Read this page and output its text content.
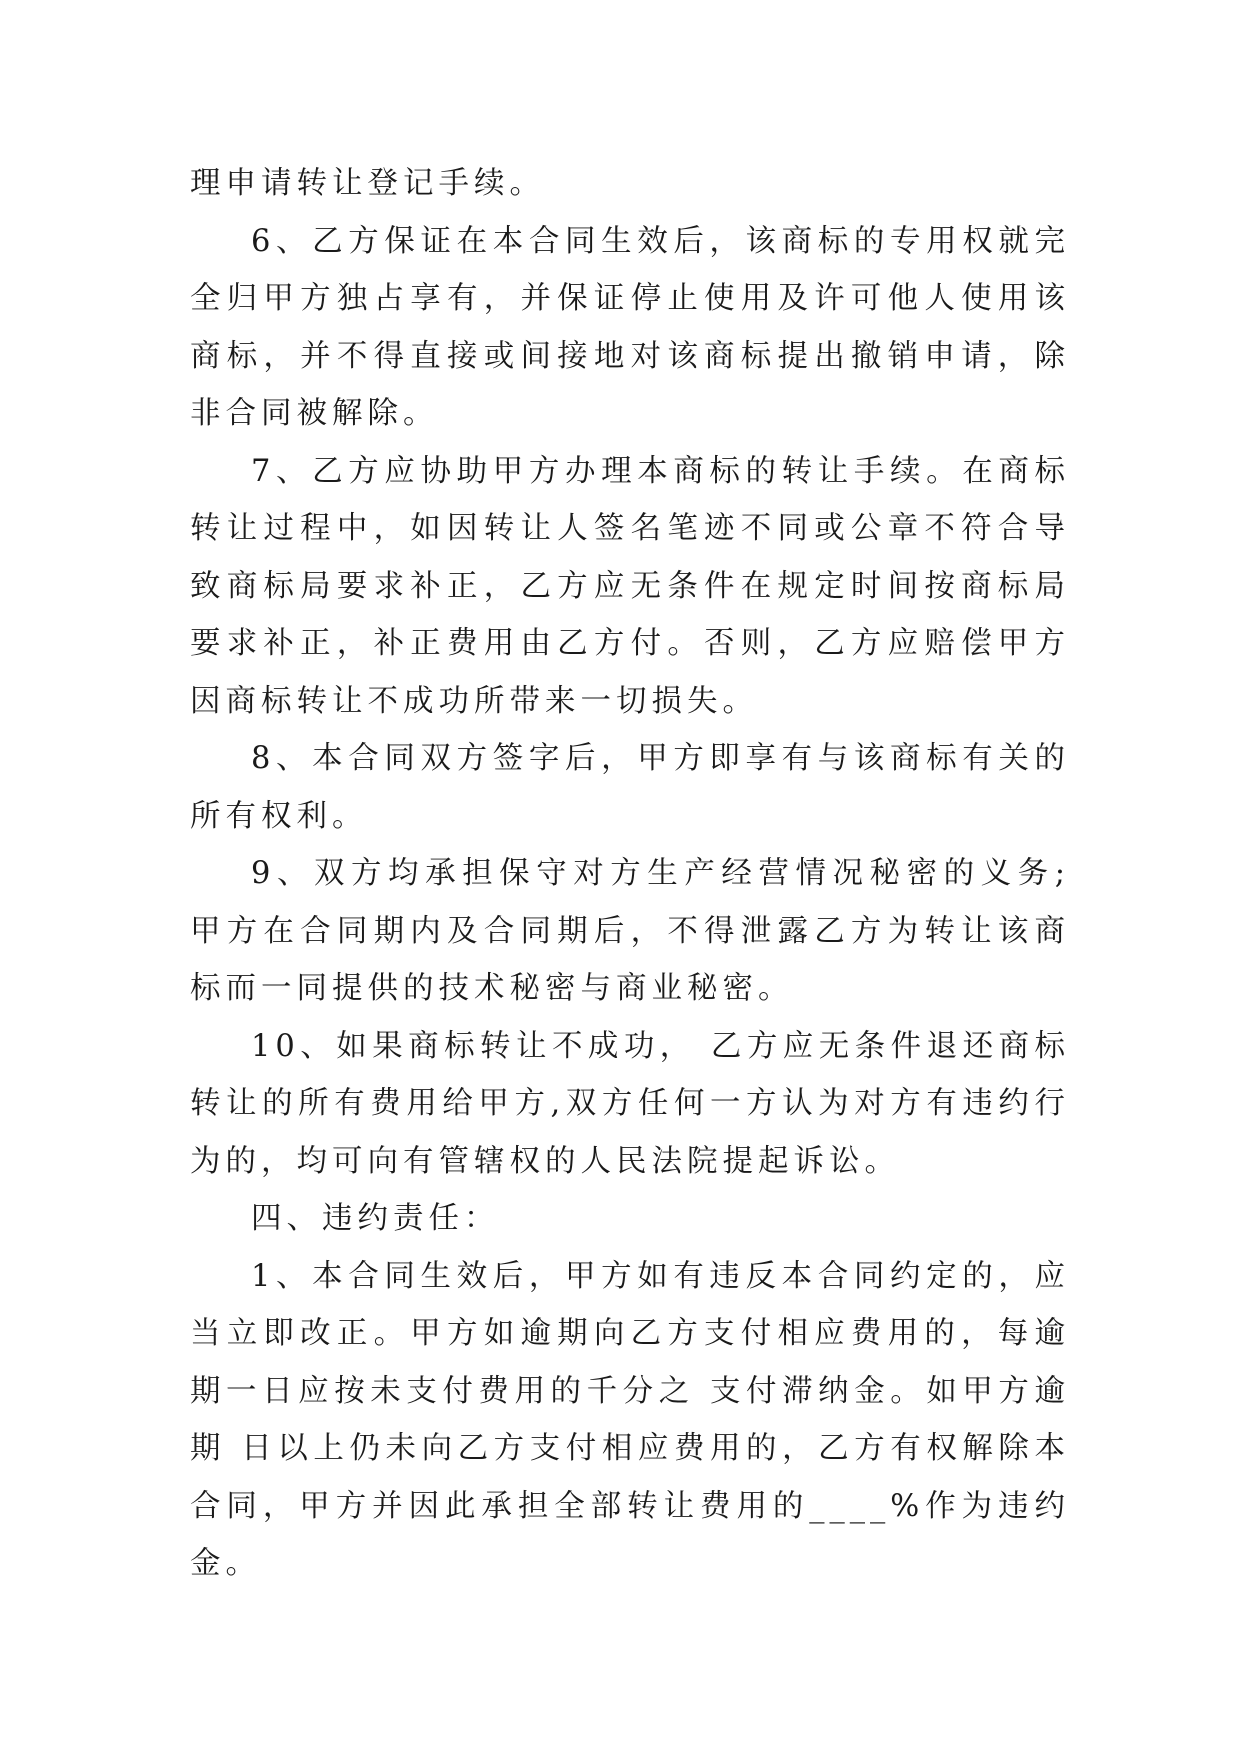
理申请转让登记手续。

6、乙方保证在本合同生效后，该商标的专用权就完全归甲方独占享有，并保证停止使用及许可他人使用该商标，并不得直接或间接地对该商标提出撤销申请，除非合同被解除。

7、乙方应协助甲方办理本商标的转让手续。在商标转让过程中，如因转让人签名笔迹不同或公章不符合导致商标局要求补正，乙方应无条件在规定时间按商标局要求补正，补正费用由乙方付。否则，乙方应赔偿甲方因商标转让不成功所带来一切损失。

8、本合同双方签字后，甲方即享有与该商标有关的所有权利。

9、双方均承担保守对方生产经营情况秘密的义务;甲方在合同期内及合同期后，不得泄露乙方为转让该商标而一同提供的技术秘密与商业秘密。

10、如果商标转让不成功， 乙方应无条件退还商标转让的所有费用给甲方,双方任何一方认为对方有违约行为的，均可向有管辖权的人民法院提起诉讼。

四、违约责任：

1、本合同生效后，甲方如有违反本合同约定的，应当立即改正。甲方如逾期向乙方支付相应费用的，每逾期一日应按未支付费用的千分之 支付滞纳金。如甲方逾期 日以上仍未向乙方支付相应费用的，乙方有权解除本合同，甲方并因此承担全部转让费用的____%作为违约金。
